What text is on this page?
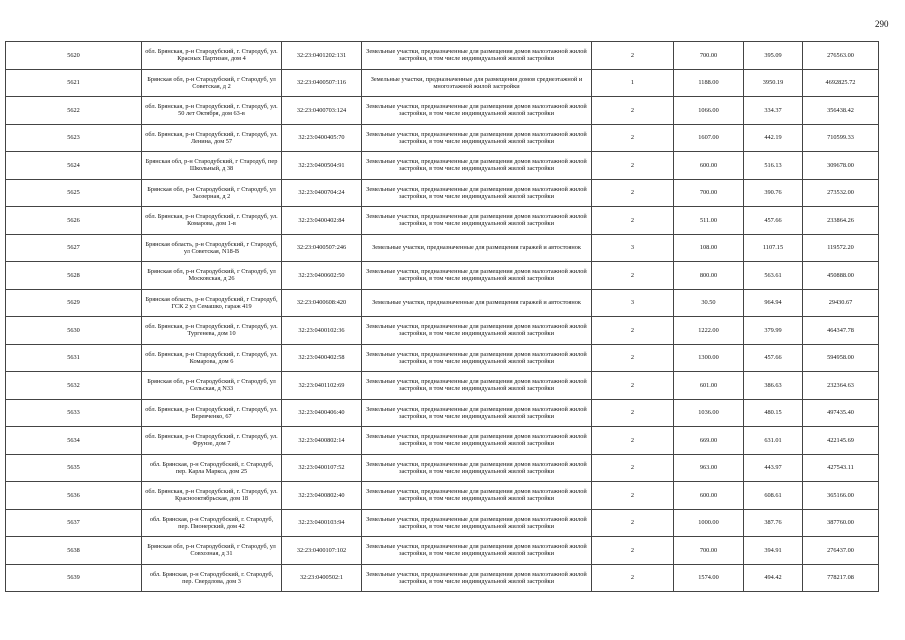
290
5620	обл. Брянская, р-н Стародубский, г. Стародуб, ул. Красных Партизан, дом 4	32:23:0401202:131	Земельные участки, предназначенные для размещения домов малоэтажной жилой застройки, в том числе индивидуальной жилой застройки	2	700.00	395.09	276563.00
5621	Брянская обл, р-н Стародубский, г Стародуб, ул Советская, д 2	32:23:0400507:116	Земельные участки, предназначенные для размещения домов среднеэтажной и многоэтажной жилой застройки	1	1188.00	3950.19	4692825.72
5622	обл. Брянская, р-н Стародубский, г. Стародуб, ул. 50 лет Октября, дом 63-в	32:23:0400703:124	Земельные участки, предназначенные для размещения домов малоэтажной жилой застройки, в том числе индивидуальной жилой застройки	2	1066.00	334.37	356438.42
5623	обл. Брянская, р-н Стародубский, г. Стародуб, ул. Ленина, дом 57	32:23:0400405:70	Земельные участки, предназначенные для размещения домов малоэтажной жилой застройки, в том числе индивидуальной жилой застройки	2	1607.00	442.19	710599.33
5624	Брянская обл, р-н Стародубский, г Стародуб, пер Школьный, д 38	32:23:0400504:91	Земельные участки, предназначенные для размещения домов малоэтажной жилой застройки, в том числе индивидуальной жилой застройки	2	600.00	516.13	309678.00
5625	Брянская обл, р-н Стародубский, г Стародуб, ул Заозерная, д 2	32:23:0400704:24	Земельные участки, предназначенные для размещения домов малоэтажной жилой застройки, в том числе индивидуальной жилой застройки	2	700.00	390.76	273532.00
5626	обл. Брянская, р-н Стародубский, г. Стародуб, ул. Комарова, дом 1-в	32:23:0400402:84	Земельные участки, предназначенные для размещения домов малоэтажной жилой застройки, в том числе индивидуальной жилой застройки	2	511.00	457.66	233864.26
5627	Брянская область, р-н Стародубский, г Стародуб, ул Советская, N18-В	32:23:0400507:246	Земельные участки, предназначенные для размещения гаражей и автостоянок	3	108.00	1107.15	119572.20
5628	Брянская обл, р-н Стародубский, г Стародуб, ул Московская, д 26	32:23:0400602:50	Земельные участки, предназначенные для размещения домов малоэтажной жилой застройки, в том числе индивидуальной жилой застройки	2	800.00	563.61	450888.00
5629	Брянская область, р-н Стародубский, г Стародуб, ГСК 2 ул Семашко, гараж 419	32:23:0400608:420	Земельные участки, предназначенные для размещения гаражей и автостоянок	3	30.50	964.94	29430.67
5630	обл. Брянская, р-н Стародубский, г. Стародуб, ул. Тургенева, дом 10	32:23:0400102:36	Земельные участки, предназначенные для размещения домов малоэтажной жилой застройки, в том числе индивидуальной жилой застройки	2	1222.00	379.99	464347.78
5631	обл. Брянская, р-н Стародубский, г. Стародуб, ул. Комарова, дом 6	32:23:0400402:58	Земельные участки, предназначенные для размещения домов малоэтажной жилой застройки, в том числе индивидуальной жилой застройки	2	1300.00	457.66	594958.00
5632	Брянская обл, р-н Стародубский, г Стародуб, ул Сельская, д N33	32:23:0401102:69	Земельные участки, предназначенные для размещения домов малоэтажной жилой застройки, в том числе индивидуальной жилой застройки	2	601.00	386.63	232364.63
5633	обл. Брянская, р-н Стародубский, г. Стародуб, ул. Веревченко, 67	32:23:0400406:40	Земельные участки, предназначенные для размещения домов малоэтажной жилой застройки, в том числе индивидуальной жилой застройки	2	1036.00	480.15	497435.40
5634	обл. Брянская, р-н Стародубский, г. Стародуб, ул. Фрунзе, дом 7	32:23:0400802:14	Земельные участки, предназначенные для размещения домов малоэтажной жилой застройки, в том числе индивидуальной жилой застройки	2	669.00	631.01	422145.69
5635	обл. Брянская, р-н Стародубский, г. Стародуб, пер. Карла Маркса, дом 25	32:23:0400107:52	Земельные участки, предназначенные для размещения домов малоэтажной жилой застройки, в том числе индивидуальной жилой застройки	2	963.00	443.97	427543.11
5636	обл. Брянская, р-н Стародубский, г. Стародуб, ул. Краснооктябрьская, дом 18	32:23:0400802:40	Земельные участки, предназначенные для размещения домов малоэтажной жилой застройки, в том числе индивидуальной жилой застройки	2	600.00	608.61	365166.00
5637	обл. Брянская, р-н Стародубский, г. Стародуб, пер. Пионерский, дом 42	32:23:0400103:94	Земельные участки, предназначенные для размещения домов малоэтажной жилой застройки, в том числе индивидуальной жилой застройки	2	1000.00	387.76	387760.00
5638	Брянская обл, р-н Стародубский, г Стародуб, ул Совхозная, д 31	32:23:0400107:102	Земельные участки, предназначенные для размещения домов малоэтажной жилой застройки, в том числе индивидуальной жилой застройки	2	700.00	394.91	276437.00
5639	обл. Брянская, р-н Стародубский, г. Стародуб, пер. Свердлова, дом 3	32:23:0400502:1	Земельные участки, предназначенные для размещения домов малоэтажной жилой застройки, в том числе индивидуальной жилой застройки	2	1574.00	494.42	778217.08
